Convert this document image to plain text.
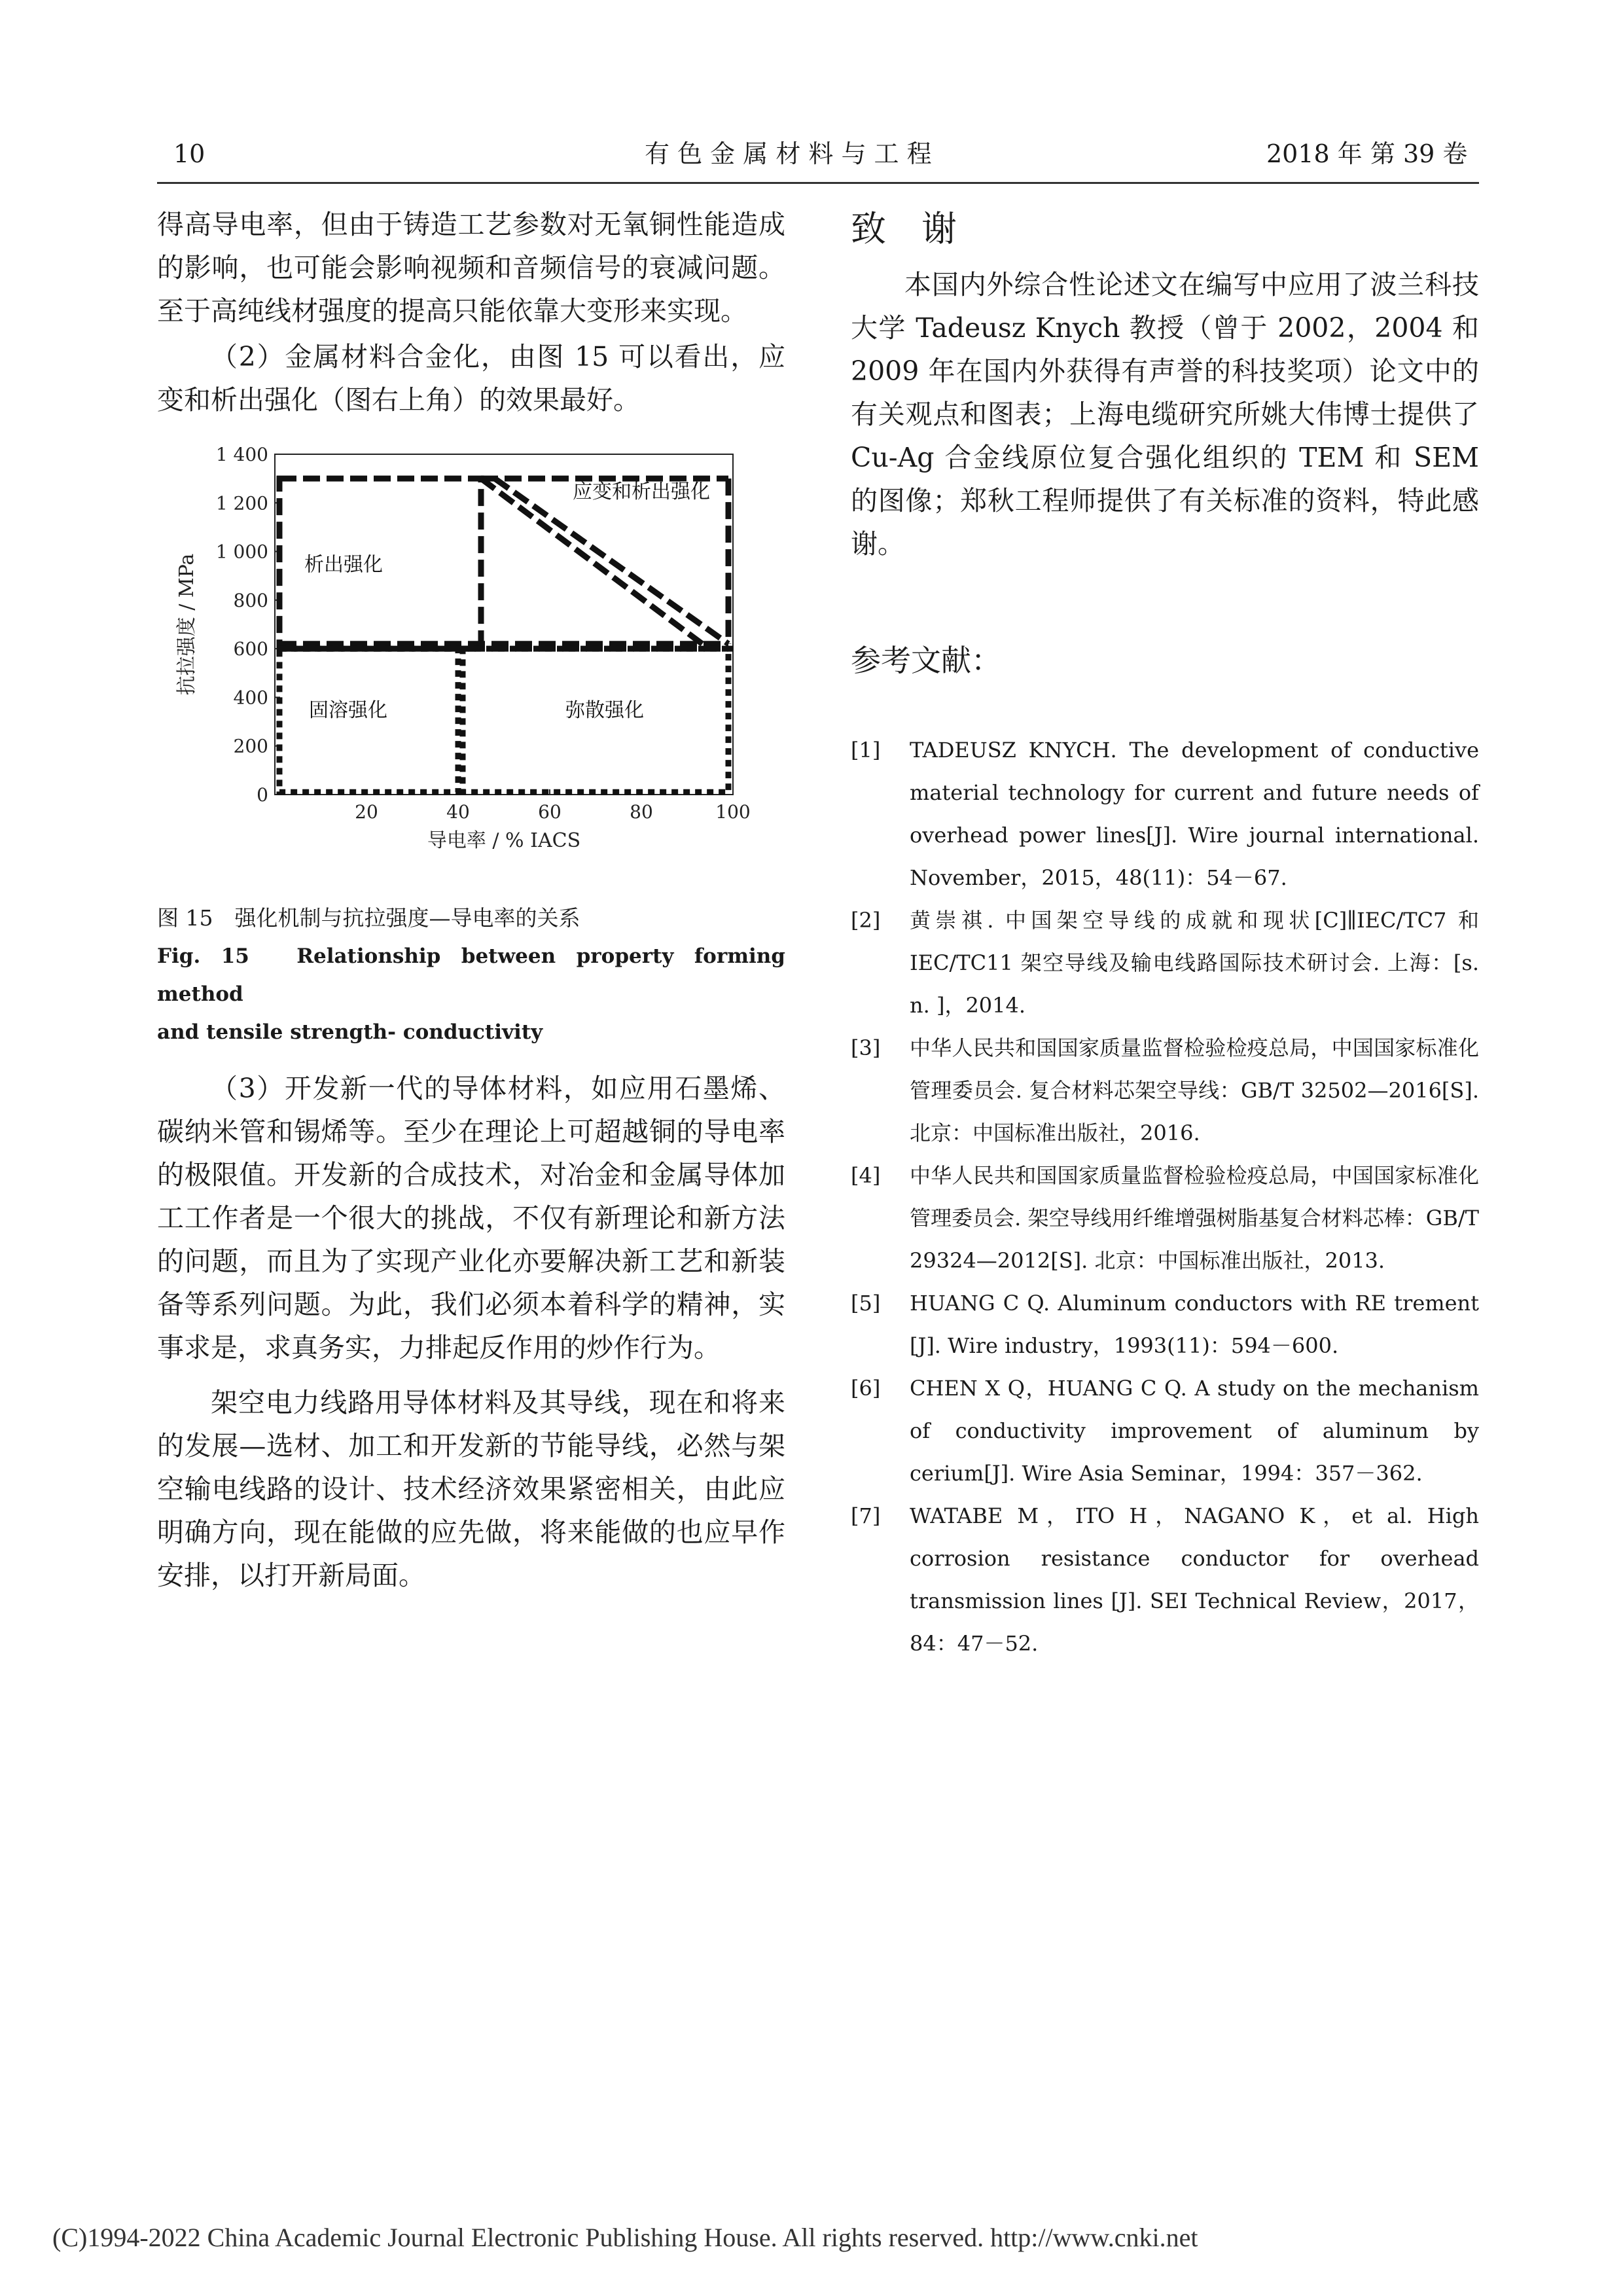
10	有 色 金 属 材 料 与 工 程	2018 年 第 39 卷

得高导电率，但由于铸造工艺参数对无氧铜性能造成的影响，也可能会影响视频和音频信号的衰减问题。至于高纯线材强度的提高只能依靠大变形来实现。

（2）金属材料合金化，由图 15 可以看出，应变和析出强化（图右上角）的效果最好。

0
200
400
600
800
1 000
1 200
1 400
20	40	60	80	100
导电率 / % IACS
抗拉强度 / MPa	析出强化
固溶强化	弥散强化
应变和析出强化

图 15　强化机制与抗拉强度—导电率的关系

Fig. 15　Relationship between property forming method

and tensile strength- conductivity

（3）开发新一代的导体材料，如应用石墨烯、碳纳米管和锡烯等。至少在理论上可超越铜的导电率的极限值。开发新的合成技术，对冶金和金属导体加工工作者是一个很大的挑战，不仅有新理论和新方法的问题，而且为了实现产业化亦要解决新工艺和新装备等系列问题。为此，我们必须本着科学的精神，实事求是，求真务实，力排起反作用的炒作行为。

架空电力线路用导体材料及其导线，现在和将来的发展—选材、加工和开发新的节能导线，必然与架空输电线路的设计、技术经济效果紧密相关，由此应明确方向，现在能做的应先做，将来能做的也应早作安排，以打开新局面。

致　谢

本国内外综合性论述文在编写中应用了波兰科技大学 Tadeusz Knych 教授（曾于 2002，2004 和 2009 年在国内外获得有声誉的科技奖项）论文中的有关观点和图表；上海电缆研究所姚大伟博士提供了 Cu-Ag 合金线原位复合强化组织的 TEM 和 SEM 的图像；郑秋工程师提供了有关标准的资料，特此感谢。

参考文献：
[1] TADEUSZ KNYCH. The development of conductive material technology for current and future needs of overhead power lines[J]. Wire journal international. November，2015，48(11)：54－67.
[2] 黄崇祺. 中国架空导线的成就和现状[C]∥IEC/TC7 和 IEC/TC11 架空导线及输电线路国际技术研讨会. 上海：[s. n. ]，2014.
[3] 中华人民共和国国家质量监督检验检疫总局，中国国家标准化管理委员会. 复合材料芯架空导线：GB/T 32502—2016[S]. 北京：中国标准出版社，2016.
[4] 中华人民共和国国家质量监督检验检疫总局，中国国家标准化管理委员会. 架空导线用纤维增强树脂基复合材料芯棒：GB/T 29324—2012[S]. 北京：中国标准出版社，2013.
[5] HUANG C Q. Aluminum conductors with RE trement [J]. Wire industry，1993(11)：594－600.
[6] CHEN X Q，HUANG C Q. A study on the mechanism of conductivity improvement of aluminum by cerium[J]. Wire Asia Seminar，1994：357－362.
[7] WATABE M，ITO H，NAGANO K，et al. High corrosion resistance conductor for overhead transmission lines [J]. SEI Technical Review，2017，84：47－52.
(C)1994-2022 China Academic Journal Electronic Publishing House. All rights reserved. http://www.cnki.net
